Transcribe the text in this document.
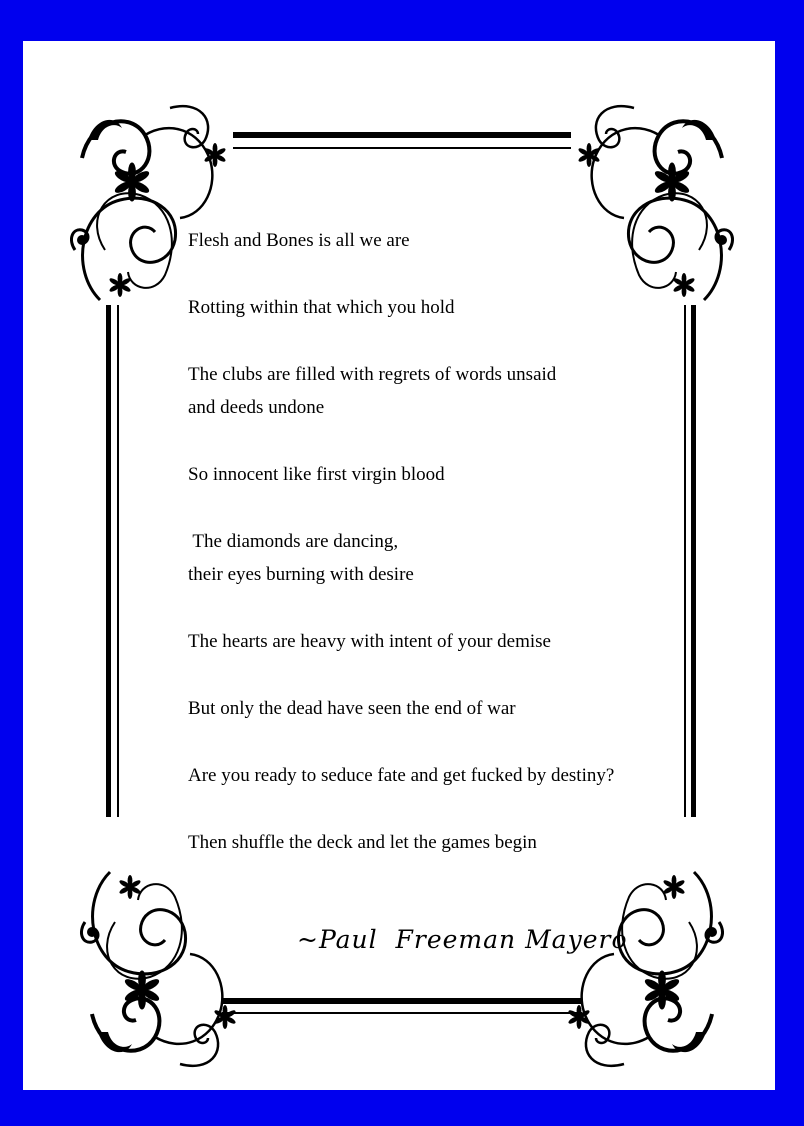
Flesh and Bones is all we are
Rotting within that which you hold
The clubs are filled with regrets of words unsaid
and deeds undone
So innocent like first virgin blood
The diamonds are dancing,
their eyes burning with desire
The hearts are heavy with intent of your demise
But only the dead have seen the end of war
Are you ready to seduce fate and get fucked by destiny?
Then shuffle the deck and let the games begin
~Paul  Freeman Mayero
